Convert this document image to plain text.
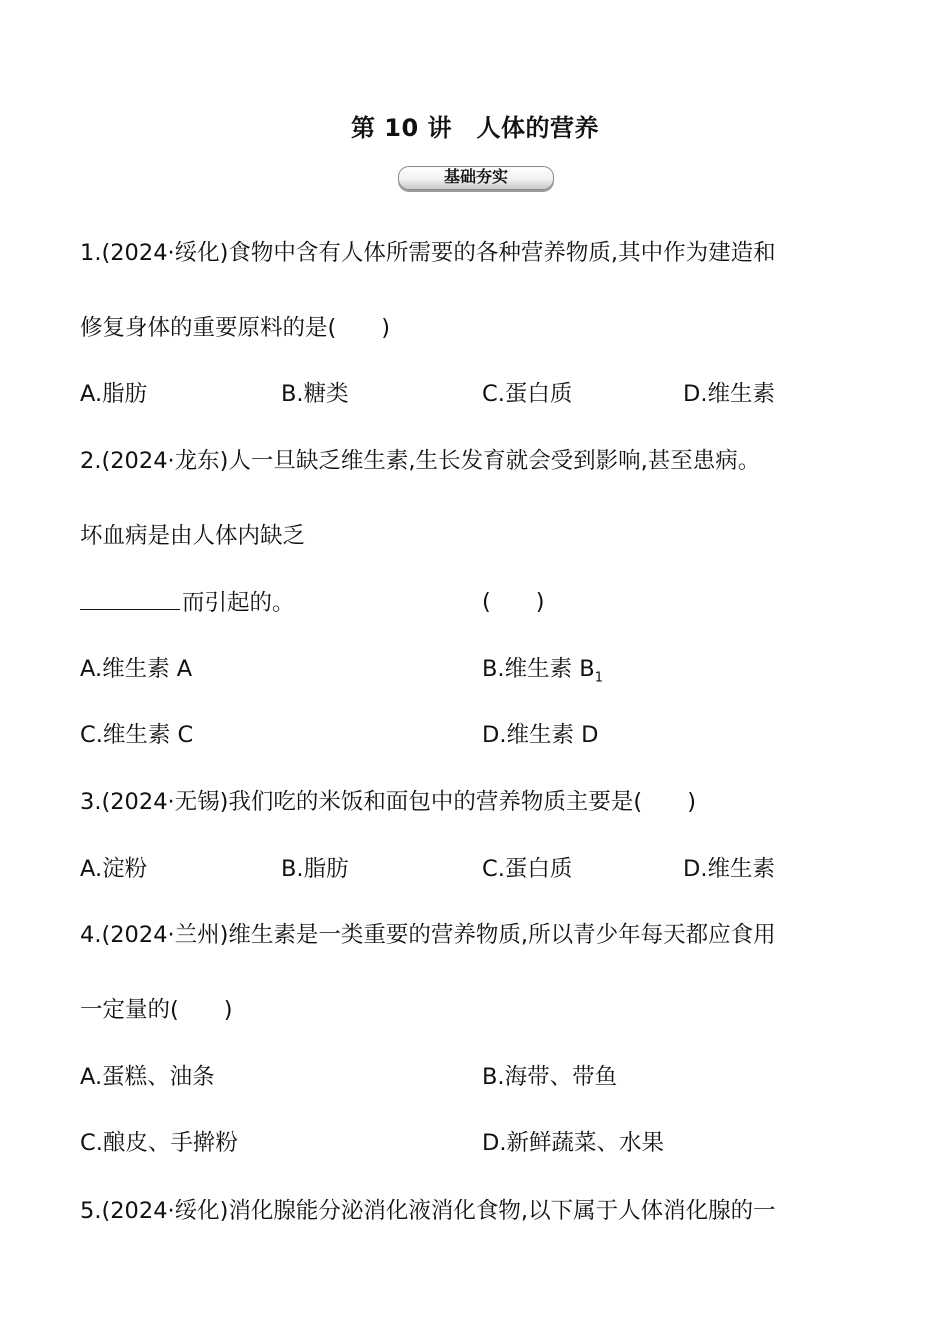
第 10 讲　人体的营养
基础夯实
1.(2024·绥化)食物中含有人体所需要的各种营养物质,其中作为建造和
修复身体的重要原料的是(　　)
A.脂肪	B.糖类	C.蛋白质	D.维生素
2.(2024·龙东)人一旦缺乏维生素,生长发育就会受到影响,甚至患病。
坏血病是由人体内缺乏
而引起的。	(　　)
A.维生素 A	B.维生素 $B_1$
C.维生素 C	D.维生素 D
3.(2024·无锡)我们吃的米饭和面包中的营养物质主要是(　　)
A.淀粉	B.脂肪	C.蛋白质	D.维生素
4.(2024·兰州)维生素是一类重要的营养物质,所以青少年每天都应食用
一定量的(　　)
A.蛋糕、油条	B.海带、带鱼
C.酿皮、手擀粉	D.新鲜蔬菜、水果
5.(2024·绥化)消化腺能分泌消化液消化食物,以下属于人体消化腺的一
